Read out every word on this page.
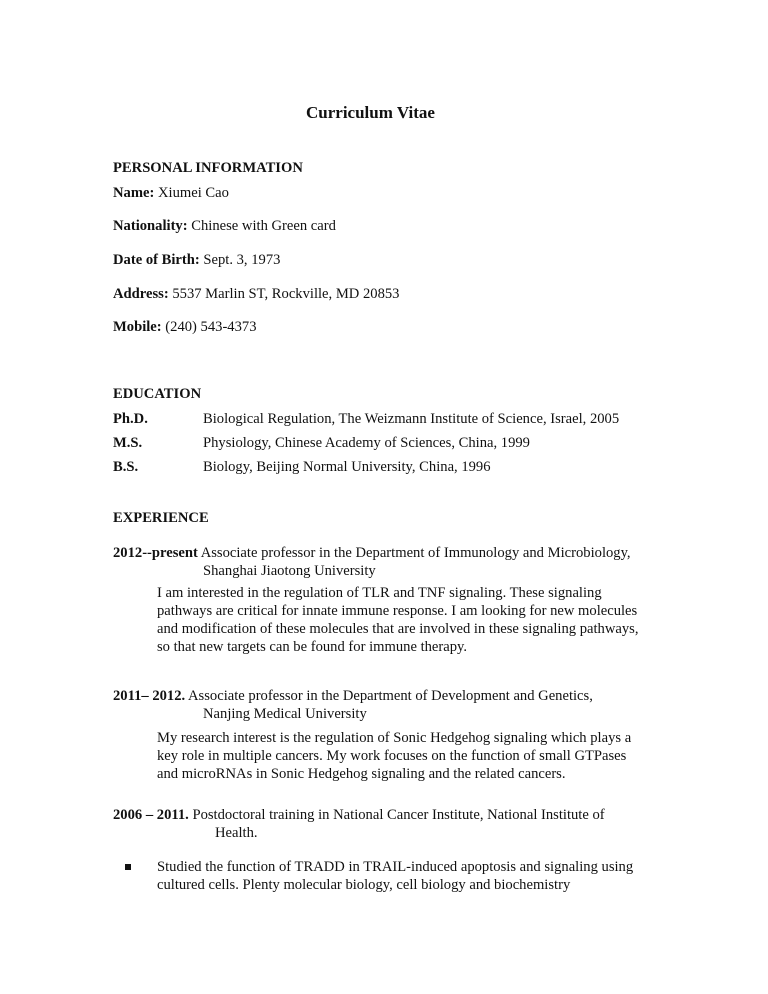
Curriculum Vitae
PERSONAL INFORMATION
Name: Xiumei Cao
Nationality: Chinese with Green card
Date of Birth: Sept. 3, 1973
Address: 5537 Marlin ST, Rockville, MD 20853
Mobile: (240) 543-4373
EDUCATION
Ph.D.	Biological Regulation, The Weizmann Institute of Science, Israel, 2005
M.S.	Physiology, Chinese Academy of Sciences, China, 1999
B.S.	Biology, Beijing Normal University, China, 1996
EXPERIENCE
2012--present Associate professor in the Department of Immunology and Microbiology,
Shanghai Jiaotong University
I am interested in the regulation of TLR and TNF signaling. These signaling
pathways are critical for innate immune response. I am looking for new molecules
and modification of these molecules that are involved in these signaling pathways,
so that new targets can be found for immune therapy.
2011– 2012. Associate professor in the Department of Development and Genetics,
Nanjing Medical University
My research interest is the regulation of Sonic Hedgehog signaling which plays a
key role in multiple cancers. My work focuses on the function of small GTPases
and microRNAs in Sonic Hedgehog signaling and the related cancers.
2006 – 2011. Postdoctoral training in National Cancer Institute, National Institute of
Health.
Studied the function of TRADD in TRAIL-induced apoptosis and signaling using
cultured cells. Plenty molecular biology, cell biology and biochemistry
